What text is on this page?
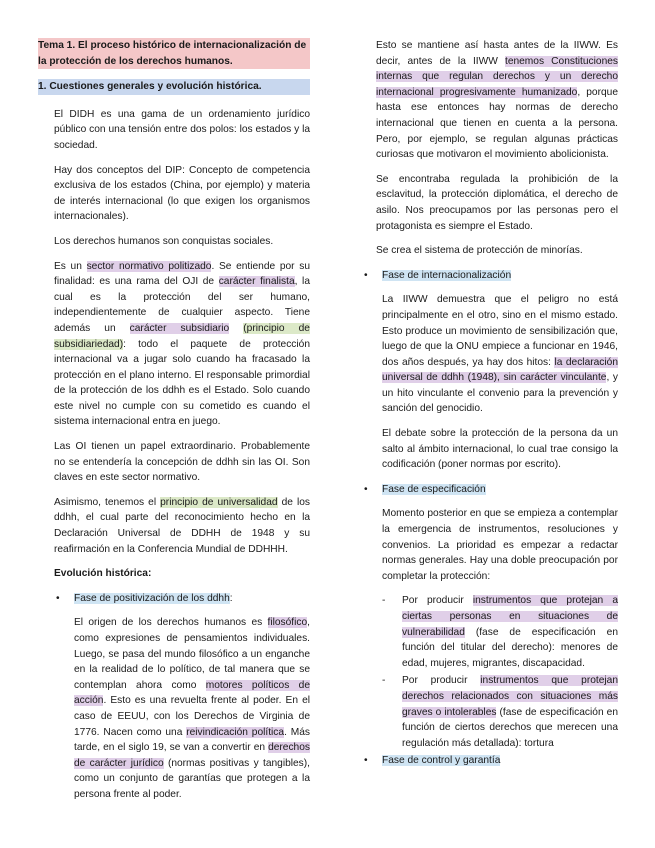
Tema 1. El proceso histórico de internacionalización de
la protección de los derechos humanos.
1. Cuestiones generales y evolución histórica.

El DIDH es una gama de un ordenamiento jurídico público con una tensión entre dos polos: los estados y la sociedad.

Hay dos conceptos del DIP: Concepto de competencia exclusiva de los estados (China, por ejemplo) y materia de interés internacional (lo que exigen los organismos internacionales).

Los derechos humanos son conquistas sociales.

Es un sector normativo politizado. Se entiende por su finalidad: es una rama del OJI de carácter finalista, la cual es la protección del ser humano, independientemente de cualquier aspecto. Tiene además un carácter subsidiario (principio de subsidiariedad): todo el paquete de protección internacional va a jugar solo cuando ha fracasado la protección en el plano interno. El responsable primordial de la protección de los ddhh es el Estado. Solo cuando este nivel no cumple con su cometido es cuando el sistema internacional entra en juego.

Las OI tienen un papel extraordinario. Probablemente no se entendería la concepción de ddhh sin las OI. Son claves en este sector normativo.

Asimismo, tenemos el principio de universalidad de los ddhh, el cual parte del reconocimiento hecho en la Declaración Universal de DDHH de 1948 y su reafirmación en la Conferencia Mundial de DDHHH.

Evolución histórica:

• Fase de positivización de los ddhh:

El origen de los derechos humanos es filosófico, como expresiones de pensamientos individuales. Luego, se pasa del mundo filosófico a un enganche en la realidad de lo político, de tal manera que se contemplan ahora como motores políticos de acción. Esto es una revuelta frente al poder. En el caso de EEUU, con los Derechos de Virginia de 1776. Nacen como una reivindicación política. Más tarde, en el siglo 19, se van a convertir en derechos de carácter jurídico (normas positivas y tangibles), como un conjunto de garantías que protegen a la persona frente al poder.

Esto se mantiene así hasta antes de la IIWW. Es decir, antes de la IIWW tenemos Constituciones internas que regulan derechos y un derecho internacional progresivamente humanizado, porque hasta ese entonces hay normas de derecho internacional que tienen en cuenta a la persona. Pero, por ejemplo, se regulan algunas prácticas curiosas que motivaron el movimiento abolicionista.

Se encontraba regulada la prohibición de la esclavitud, la protección diplomática, el derecho de asilo. Nos preocupamos por las personas pero el protagonista es siempre el Estado.

Se crea el sistema de protección de minorías.

• Fase de internacionalización

La IIWW demuestra que el peligro no está principalmente en el otro, sino en el mismo estado. Esto produce un movimiento de sensibilización que, luego de que la ONU empiece a funcionar en 1946, dos años después, ya hay dos hitos: la declaración universal de ddhh (1948), sin carácter vinculante, y un hito vinculante el convenio para la prevención y sanción del genocidio.

El debate sobre la protección de la persona da un salto al ámbito internacional, lo cual trae consigo la codificación (poner normas por escrito).

• Fase de especificación

Momento posterior en que se empieza a contemplar la emergencia de instrumentos, resoluciones y convenios. La prioridad es empezar a redactar normas generales. Hay una doble preocupación por completar la protección:

- Por producir instrumentos que protejan a ciertas personas en situaciones de vulnerabilidad (fase de especificación en función del titular del derecho): menores de edad, mujeres, migrantes, discapacidad.
- Por producir instrumentos que protejan derechos relacionados con situaciones más graves o intolerables (fase de especificación en función de ciertos derechos que merecen una regulación más detallada): tortura
• Fase de control y garantía
